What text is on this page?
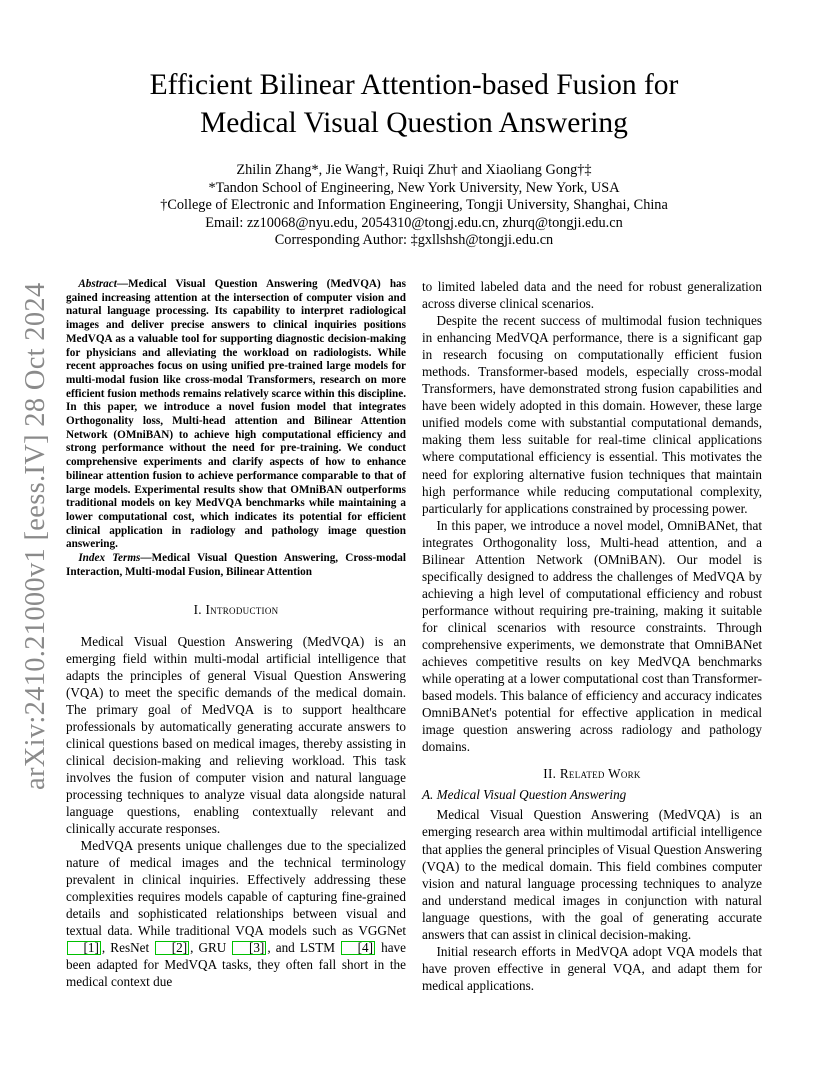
arXiv:2410.21000v1 [eess.IV] 28 Oct 2024
Efficient Bilinear Attention-based Fusion for
Medical Visual Question Answering
Zhilin Zhang*, Jie Wang†, Ruiqi Zhu† and Xiaoliang Gong†‡
*Tandon School of Engineering, New York University, New York, USA
†College of Electronic and Information Engineering, Tongji University, Shanghai, China
Email: zz10068@nyu.edu, 2054310@tongj.edu.cn, zhurq@tongji.edu.cn
Corresponding Author: ‡gxllshsh@tongji.edu.cn

Abstract—Medical Visual Question Answering (MedVQA) has gained increasing attention at the intersection of computer vision and natural language processing. Its capability to interpret radiological images and deliver precise answers to clinical inquiries positions MedVQA as a valuable tool for supporting diagnostic decision-making for physicians and alleviating the workload on radiologists. While recent approaches focus on using unified pre-trained large models for multi-modal fusion like cross-modal Transformers, research on more efficient fusion methods remains relatively scarce within this discipline. In this paper, we introduce a novel fusion model that integrates Orthogonality loss, Multi-head attention and Bilinear Attention Network (OMniBAN) to achieve high computational efficiency and strong performance without the need for pre-training. We conduct comprehensive experiments and clarify aspects of how to enhance bilinear attention fusion to achieve performance comparable to that of large models. Experimental results show that OMniBAN outperforms traditional models on key MedVQA benchmarks while maintaining a lower computational cost, which indicates its potential for efficient clinical application in radiology and pathology image question answering.

Index Terms—Medical Visual Question Answering, Cross-modal Interaction, Multi-modal Fusion, Bilinear Attention

I. Introduction

Medical Visual Question Answering (MedVQA) is an emerging field within multi-modal artificial intelligence that adapts the principles of general Visual Question Answering (VQA) to meet the specific demands of the medical domain. The primary goal of MedVQA is to support healthcare professionals by automatically generating accurate answers to clinical questions based on medical images, thereby assisting in clinical decision-making and relieving workload. This task involves the fusion of computer vision and natural language processing techniques to analyze visual data alongside natural language questions, enabling contextually relevant and clinically accurate responses.

MedVQA presents unique challenges due to the specialized nature of medical images and the technical terminology prevalent in clinical inquiries. Effectively addressing these complexities requires models capable of capturing fine-grained details and sophisticated relationships between visual and textual data. While traditional VQA models such as VGGNet [1] , ResNet [2] , GRU [3] , and LSTM [4] have been adapted for MedVQA tasks, they often fall short in the medical context due

to limited labeled data and the need for robust generalization across diverse clinical scenarios.

Despite the recent success of multimodal fusion techniques in enhancing MedVQA performance, there is a significant gap in research focusing on computationally efficient fusion methods. Transformer-based models, especially cross-modal Transformers, have demonstrated strong fusion capabilities and have been widely adopted in this domain. However, these large unified models come with substantial computational demands, making them less suitable for real-time clinical applications where computational efficiency is essential. This motivates the need for exploring alternative fusion techniques that maintain high performance while reducing computational complexity, particularly for applications constrained by processing power.

In this paper, we introduce a novel model, OmniBANet, that integrates Orthogonality loss, Multi-head attention, and a Bilinear Attention Network (OMniBAN). Our model is specifically designed to address the challenges of MedVQA by achieving a high level of computational efficiency and robust performance without requiring pre-training, making it suitable for clinical scenarios with resource constraints. Through comprehensive experiments, we demonstrate that OmniBANet achieves competitive results on key MedVQA benchmarks while operating at a lower computational cost than Transformer-based models. This balance of efficiency and accuracy indicates OmniBANet's potential for effective application in medical image question answering across radiology and pathology domains.

II. Related Work
A. Medical Visual Question Answering

Medical Visual Question Answering (MedVQA) is an emerging research area within multimodal artificial intelligence that applies the general principles of Visual Question Answering (VQA) to the medical domain. This field combines computer vision and natural language processing techniques to analyze and understand medical images in conjunction with natural language questions, with the goal of generating accurate answers that can assist in clinical decision-making.

Initial research efforts in MedVQA adopt VQA models that have proven effective in general VQA, and adapt them for medical applications.
